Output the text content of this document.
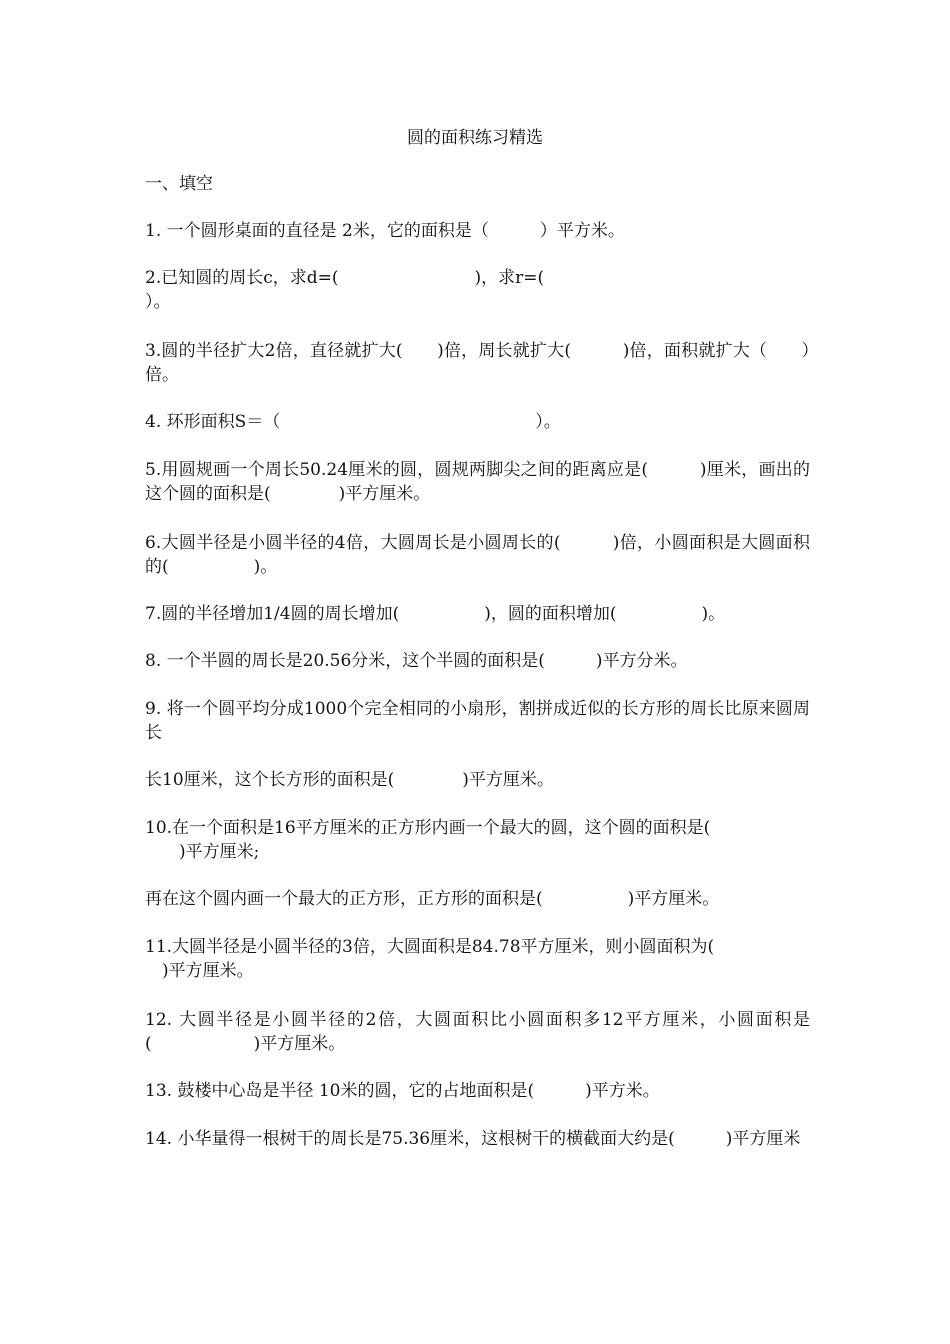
圆的面积练习精选
一、填空
1. 一个圆形桌面的直径是 2米，它的面积是（　　　）平方米。
2.已知圆的周长c，求d=(　　　　　　　　)，求r=(
）。
3.圆的半径扩大2倍，直径就扩大(　　)倍，周长就扩大(　　　)倍，面积就扩大（　　）倍。
4. 环形面积S＝（　　　　　　　　　　　　　　　）。
5.用圆规画一个周长50.24厘米的圆，圆规两脚尖之间的距离应是(　　　)厘米，画出的这个圆的面积是(　　　　)平方厘米。
6.大圆半径是小圆半径的4倍，大圆周长是小圆周长的(　　　)倍，小圆面积是大圆面积的(　　　　　)。
7.圆的半径增加1/4圆的周长增加(　　　　　)，圆的面积增加(　　　　　)。
8. 一个半圆的周长是20.56分米，这个半圆的面积是(　　　)平方分米。
9. 将一个圆平均分成1000个完全相同的小扇形，割拼成近似的长方形的周长比原来圆周长
长10厘米，这个长方形的面积是(　　　　)平方厘米。
10.在一个面积是16平方厘米的正方形内画一个最大的圆，这个圆的面积是(
　　)平方厘米;
再在这个圆内画一个最大的正方形，正方形的面积是(　　　　　)平方厘米。
11.大圆半径是小圆半径的3倍，大圆面积是84.78平方厘米，则小圆面积为(
　)平方厘米。
12. 大圆半径是小圆半径的2倍，大圆面积比小圆面积多12平方厘米，小圆面积是(　　　　　　)平方厘米。
13. 鼓楼中心岛是半径 10米的圆，它的占地面积是(　　　)平方米。
14. 小华量得一根树干的周长是75.36厘米，这根树干的横截面大约是(　　　)平方厘米
